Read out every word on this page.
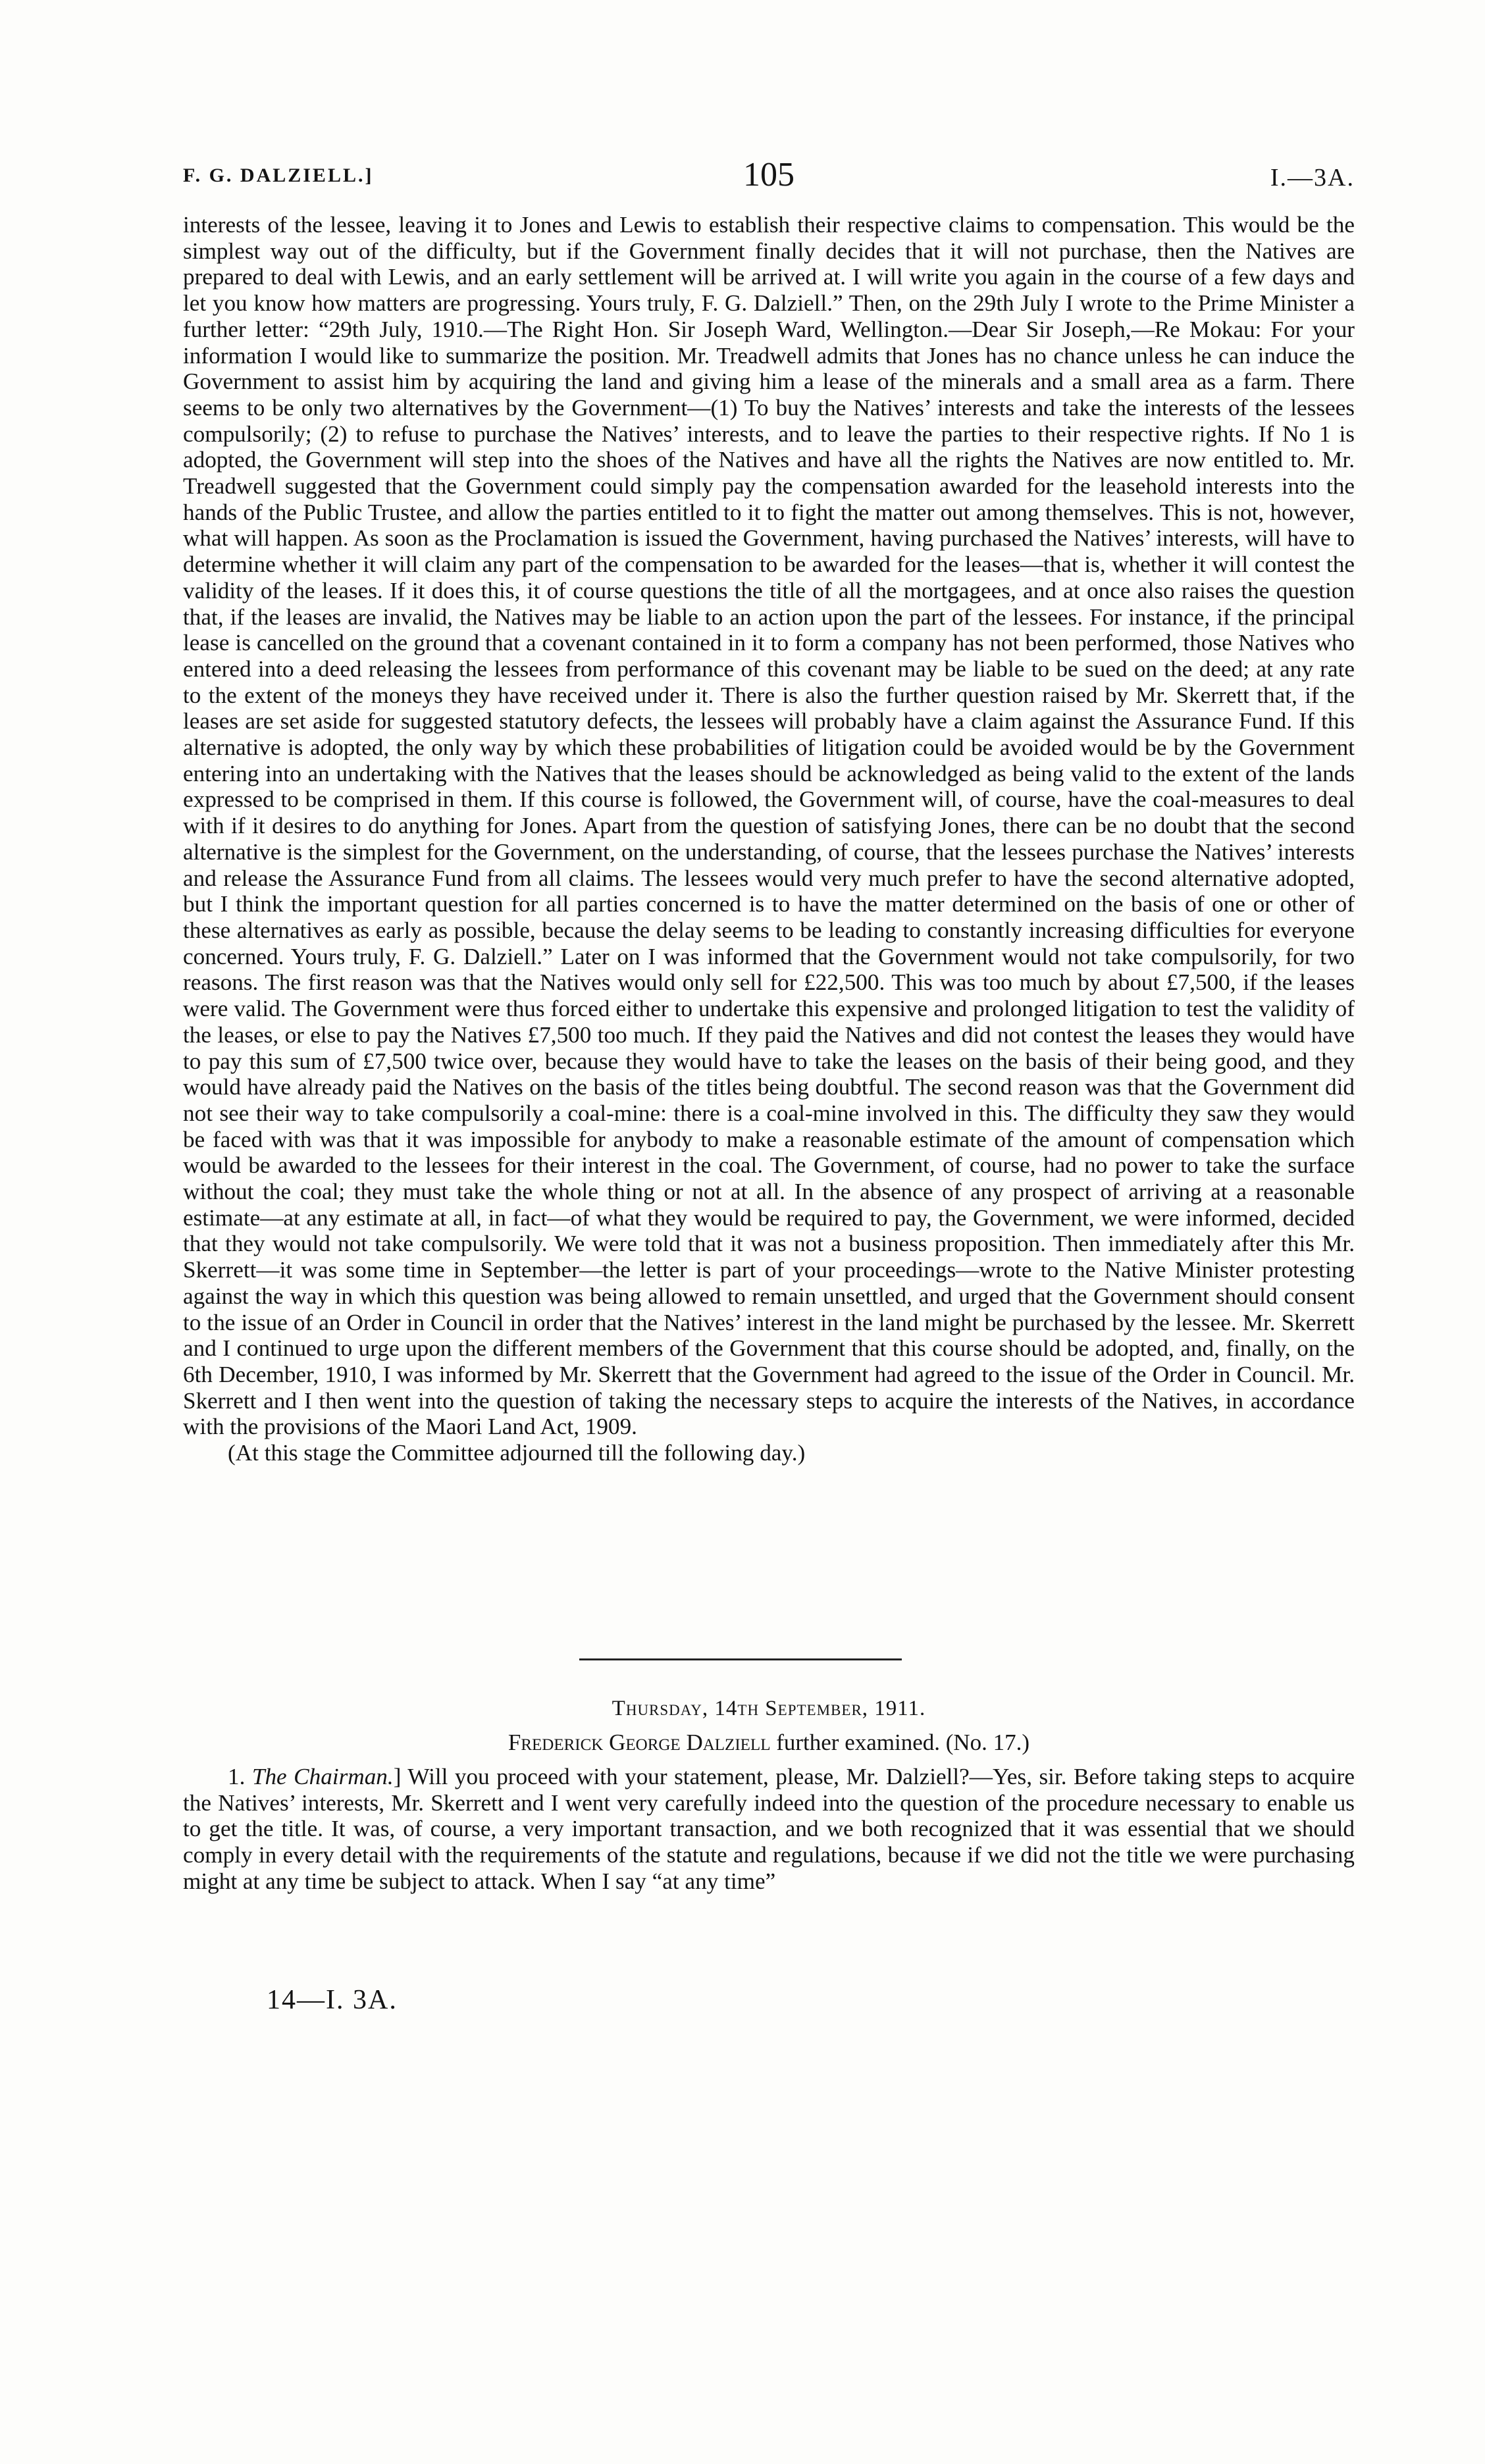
F. G. DALZIELL.]	105	I.—3A.

interests of the lessee, leaving it to Jones and Lewis to establish their respective claims to compensation. This would be the simplest way out of the difficulty, but if the Government finally decides that it will not purchase, then the Natives are prepared to deal with Lewis, and an early settlement will be arrived at. I will write you again in the course of a few days and let you know how matters are progressing. Yours truly, F. G. Dalziell.” Then, on the 29th July I wrote to the Prime Minister a further letter: “29th July, 1910.—The Right Hon. Sir Joseph Ward, Wellington.—Dear Sir Joseph,—Re Mokau: For your information I would like to summarize the position. Mr. Treadwell admits that Jones has no chance unless he can induce the Government to assist him by acquiring the land and giving him a lease of the minerals and a small area as a farm. There seems to be only two alternatives by the Government—(1) To buy the Natives’ interests and take the interests of the lessees compulsorily; (2) to refuse to purchase the Natives’ interests, and to leave the parties to their respective rights. If No 1 is adopted, the Government will step into the shoes of the Natives and have all the rights the Natives are now entitled to. Mr. Treadwell suggested that the Government could simply pay the compensation awarded for the leasehold interests into the hands of the Public Trustee, and allow the parties entitled to it to fight the matter out among themselves. This is not, however, what will happen. As soon as the Proclamation is issued the Government, having purchased the Natives’ interests, will have to determine whether it will claim any part of the compensation to be awarded for the leases—that is, whether it will contest the validity of the leases. If it does this, it of course questions the title of all the mortgagees, and at once also raises the question that, if the leases are invalid, the Natives may be liable to an action upon the part of the lessees. For instance, if the principal lease is cancelled on the ground that a covenant contained in it to form a company has not been performed, those Natives who entered into a deed releasing the lessees from performance of this covenant may be liable to be sued on the deed; at any rate to the extent of the moneys they have received under it. There is also the further question raised by Mr. Skerrett that, if the leases are set aside for suggested statutory defects, the lessees will probably have a claim against the Assurance Fund. If this alternative is adopted, the only way by which these probabilities of litigation could be avoided would be by the Government entering into an undertaking with the Natives that the leases should be acknowledged as being valid to the extent of the lands expressed to be comprised in them. If this course is followed, the Government will, of course, have the coal-measures to deal with if it desires to do anything for Jones. Apart from the question of satisfying Jones, there can be no doubt that the second alternative is the simplest for the Government, on the understanding, of course, that the lessees purchase the Natives’ interests and release the Assurance Fund from all claims. The lessees would very much prefer to have the second alternative adopted, but I think the important question for all parties concerned is to have the matter determined on the basis of one or other of these alternatives as early as possible, because the delay seems to be leading to constantly increasing difficulties for everyone concerned. Yours truly, F. G. Dalziell.” Later on I was informed that the Government would not take compulsorily, for two reasons. The first reason was that the Natives would only sell for £22,500. This was too much by about £7,500, if the leases were valid. The Government were thus forced either to undertake this expensive and prolonged litigation to test the validity of the leases, or else to pay the Natives £7,500 too much. If they paid the Natives and did not contest the leases they would have to pay this sum of £7,500 twice over, because they would have to take the leases on the basis of their being good, and they would have already paid the Natives on the basis of the titles being doubtful. The second reason was that the Government did not see their way to take compulsorily a coal-mine: there is a coal-mine involved in this. The difficulty they saw they would be faced with was that it was impossible for anybody to make a reasonable estimate of the amount of compensation which would be awarded to the lessees for their interest in the coal. The Government, of course, had no power to take the surface without the coal; they must take the whole thing or not at all. In the absence of any prospect of arriving at a reasonable estimate—at any estimate at all, in fact—of what they would be required to pay, the Government, we were informed, decided that they would not take compulsorily. We were told that it was not a business proposition. Then immediately after this Mr. Skerrett—it was some time in September—the letter is part of your proceedings—wrote to the Native Minister protesting against the way in which this question was being allowed to remain unsettled, and urged that the Government should consent to the issue of an Order in Council in order that the Natives’ interest in the land might be purchased by the lessee. Mr. Skerrett and I continued to urge upon the different members of the Government that this course should be adopted, and, finally, on the 6th December, 1910, I was informed by Mr. Skerrett that the Government had agreed to the issue of the Order in Council. Mr. Skerrett and I then went into the question of taking the necessary steps to acquire the interests of the Natives, in accordance with the provisions of the Maori Land Act, 1909.

(At this stage the Committee adjourned till the following day.)

Thursday, 14th September, 1911.
Frederick George Dalziell further examined. (No. 17.)

1. The Chairman.] Will you proceed with your statement, please, Mr. Dalziell?—Yes, sir. Before taking steps to acquire the Natives’ interests, Mr. Skerrett and I went very carefully indeed into the question of the procedure necessary to enable us to get the title. It was, of course, a very important transaction, and we both recognized that it was essential that we should comply in every detail with the requirements of the statute and regulations, because if we did not the title we were purchasing might at any time be subject to attack. When I say “at any time”

14—I. 3A.
